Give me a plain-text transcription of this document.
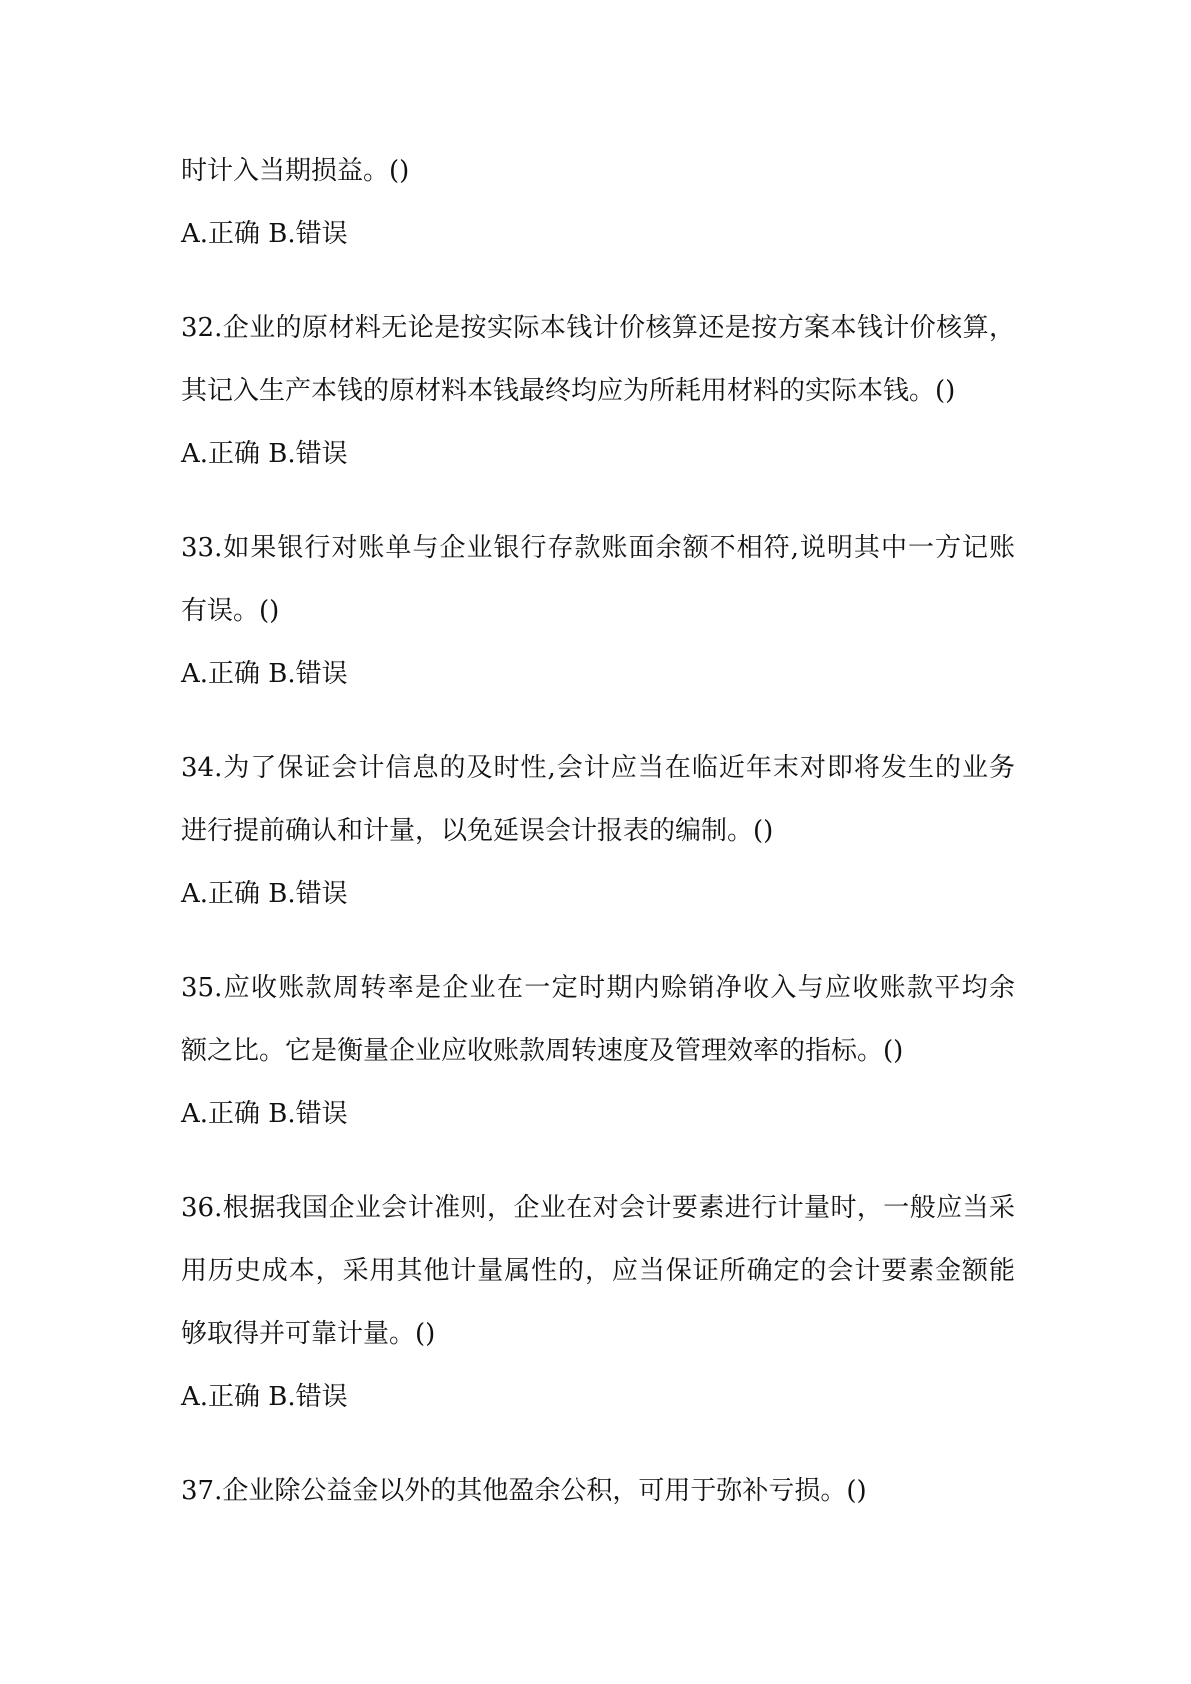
时计入当期损益。()
A.正确 B.错误
32.企业的原材料无论是按实际本钱计价核算还是按方案本钱计价核算，
其记入生产本钱的原材料本钱最终均应为所耗用材料的实际本钱。()
A.正确 B.错误
33.如果银行对账单与企业银行存款账面余额不相符,说明其中一方记账
有误。()
A.正确 B.错误
34.为了保证会计信息的及时性,会计应当在临近年末对即将发生的业务
进行提前确认和计量，以免延误会计报表的编制。()
A.正确 B.错误
35.应收账款周转率是企业在一定时期内赊销净收入与应收账款平均余
额之比。它是衡量企业应收账款周转速度及管理效率的指标。()
A.正确 B.错误
36.根据我国企业会计准则，企业在对会计要素进行计量时，一般应当采
用历史成本，采用其他计量属性的，应当保证所确定的会计要素金额能
够取得并可靠计量。()
A.正确 B.错误
37.企业除公益金以外的其他盈余公积，可用于弥补亏损。()
